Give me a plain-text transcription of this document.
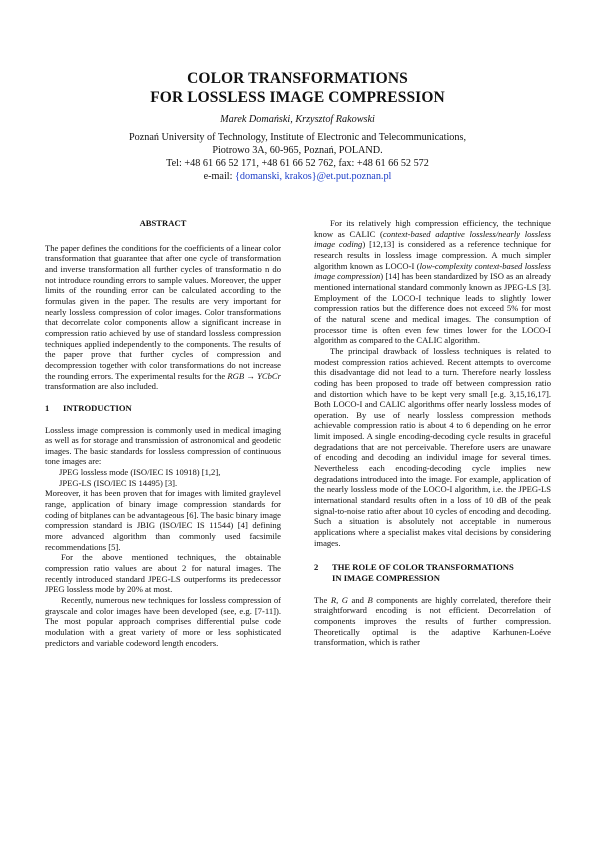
COLOR TRANSFORMATIONS
FOR LOSSLESS IMAGE COMPRESSION
Marek Domański, Krzysztof Rakowski
Poznań University of Technology, Institute of Electronic and Telecommunications,
Piotrowo 3A, 60-965, Poznań, POLAND.
Tel: +48 61 66 52 171, +48 61 66 52 762, fax: +48 61 66 52 572
e-mail: {domanski, krakos}@et.put.poznan.pl
ABSTRACT

The paper defines the conditions for the coefficients of a linear color transformation that guarantee that after one cycle of transformation and inverse transformation all further cycles of transformatio n do not introduce rounding errors to sample values. Moreover, the upper limits of the rounding error can be calculated according to the formulas given in the paper. The results are very important for nearly lossless compression of color images. Color transformations that decorrelate color components allow a significant increase in compression ratio achieved by use of standard lossless compression techniques applied independently to the components. The results of the paper prove that further cycles of compression and decompression together with color transformations do not increase the rounding errors. The experimental results for the RGB → YCbCr transformation are also included.

1 INTRODUCTION

Lossless image compression is commonly used in medical imaging as well as for storage and transmission of astronomical and geodetic images. The basic standards for lossless compression of continuous tone images are:

JPEG lossless mode (ISO/IEC IS 10918) [1,2],

JPEG-LS (ISO/IEC IS 14495) [3].

Moreover, it has been proven that for images with limited graylevel range, application of binary image compression standards for coding of bitplanes can be advantageous [6]. The basic binary image compression standard is JBIG (ISO/IEC IS 11544) [4] defining more advanced algorithm than commonly used facsimile recommendations [5].

For the above mentioned techniques, the obtainable compression ratio values are about 2 for natural images. The recently introduced standard JPEG-LS outperforms its predecessor JPEG lossless mode by 20% at most.

Recently, numerous new techniques for lossless compression of grayscale and color images have been developed (see, e.g. [7-11]). The most popular approach comprises differential pulse code modulation with a great variety of more or less sophisticated predictors and variable codeword length encoders.

For its relatively high compression efficiency, the technique know as CALIC (context-based adaptive lossless/nearly lossless image coding) [12,13] is considered as a reference technique for research results in lossless image compression. A much simpler algorithm known as LOCO-I (low-complexity context-based lossless image compression) [14] has been standardized by ISO as an already mentioned international standard commonly known as JPEG-LS [3]. Employment of the LOCO-I technique leads to slightly lower compression ratios but the difference does not exceed 5% for most of the natural scene and medical images. The consumption of processor time is often even few times lower for the LOCO-I algorithm as compared to the CALIC algorithm.

The principal drawback of lossless techniques is related to modest compression ratios achieved. Recent attempts to overcome this disadvantage did not lead to a turn. Therefore nearly lossless coding has been proposed to trade off between compression ratio and distortion which have to be kept very small [e.g. 3,15,16,17]. Both LOCO-I and CALIC algorithms offer nearly lossless modes of operation. By use of nearly lossless compression methods achievable compression ratio is about 4 to 6 depending on he error limit imposed. A single encoding-decoding cycle results in graceful degradations that are not perceivable. Therefore users are unaware of encoding and decoding an individul image for several times. Nevertheless each encoding-decoding cycle implies new degradations introduced into the image. For example, application of the nearly lossless mode of the LOCO-I algorithm, i.e. the JPEG-LS international standard results often in a loss of 10 dB of the peak signal-to-noise ratio after about 10 cycles of encoding and decoding. Such a situation is absolutely not acceptable in numerous applications where a specialist makes vital decisions by considering images.

2	THE ROLE OF COLOR TRANSFORMATIONS
IN IMAGE COMPRESSION

The R, G and B components are highly correlated, therefore their straightforward encoding is not efficient. Decorrelation of components improves the results of further compression. Theoretically optimal is the adaptive Karhunen-Loéve transformation, which is rather
